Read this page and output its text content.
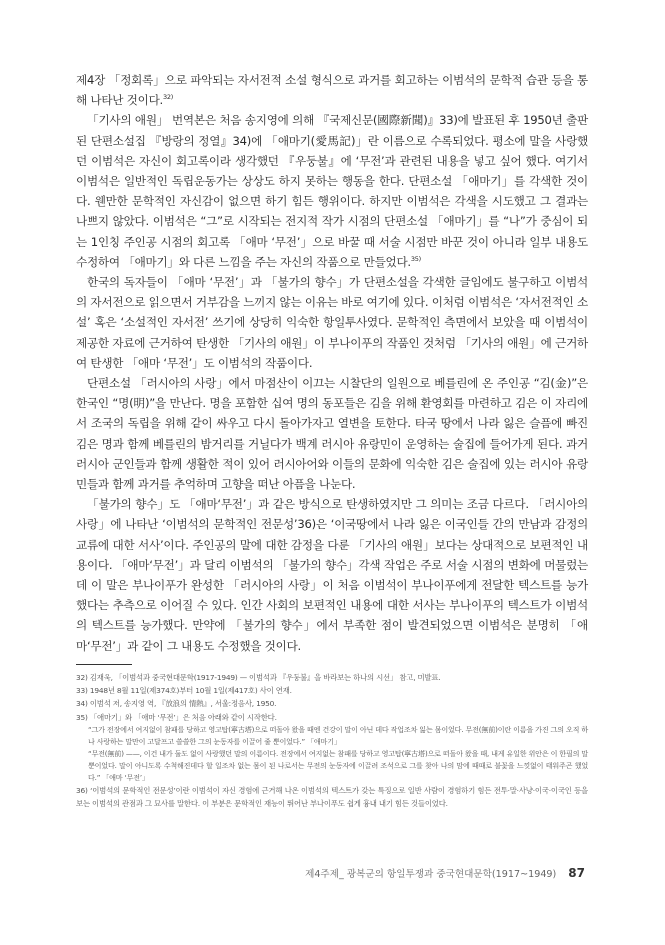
제4장 「정회록」으로 파악되는 자서전적 소설 형식으로 과거를 회고하는 이범석의 문학적 습관 등을 통해 나타난 것이다.$^{32)}$

「기사의 애원」 번역본은 처음 송지영에 의해 『국제신문(國際新聞)』33)에 발표된 후 1950년 출판된 단편소설집 『방랑의 정열』34)에 「애마기(愛馬記)」란 이름으로 수록되었다. 평소에 말을 사랑했던 이범석은 자신이 회고록이라 생각했던 『우둥불』에 ‘무전’과 관련된 내용을 넣고 싶어 했다. 여기서 이범석은 일반적인 독립운동가는 상상도 하지 못하는 행동을 한다. 단편소설 「애마기」를 각색한 것이다. 웬만한 문학적인 자신감이 없으면 하기 힘든 행위이다. 하지만 이범석은 각색을 시도했고 그 결과는 나쁘지 않았다. 이범석은 “그”로 시작되는 전지적 작가 시점의 단편소설 「애마기」를 “나”가 중심이 되는 1인칭 주인공 시점의 회고록 「애마 ‘무전’」으로 바꿀 때 서술 시점만 바꾼 것이 아니라 일부 내용도 수정하여 「애마기」와 다른 느낌을 주는 자신의 작품으로 만들었다.$^{35)}$

한국의 독자들이 「애마 ‘무전’」과 「불가의 향수」가 단편소설을 각색한 글임에도 불구하고 이범석의 자서전으로 읽으면서 거부감을 느끼지 않는 이유는 바로 여기에 있다. 이처럼 이범석은 ‘자서전적인 소설’ 혹은 ‘소설적인 자서전’ 쓰기에 상당히 익숙한 항일투사였다. 문학적인 측면에서 보았을 때 이범석이 제공한 자료에 근거하여 탄생한 「기사의 애원」이 부나이푸의 작품인 것처럼 「기사의 애원」에 근거하여 탄생한 「애마 ‘무전’」도 이범석의 작품이다.

단편소설 「러시아의 사랑」에서 마점산이 이끄는 시찰단의 일원으로 베를린에 온 주인공 “김(金)”은 한국인 “명(明)”을 만난다. 명을 포함한 십여 명의 동포들은 김을 위해 환영회를 마련하고 김은 이 자리에서 조국의 독립을 위해 같이 싸우고 다시 돌아가자고 열변을 토한다. 타국 땅에서 나라 잃은 슬픔에 빠진 김은 명과 함께 베를린의 밤거리를 거닐다가 백계 러시아 유랑민이 운영하는 술집에 들어가게 된다. 과거 러시아 군인들과 함께 생활한 적이 있어 러시아어와 이들의 문화에 익숙한 김은 술집에 있는 러시아 유랑민들과 함께 과거를 추억하며 고향을 떠난 아픔을 나눈다.

「불가의 향수」도 「애마‘무전’」과 같은 방식으로 탄생하였지만 그 의미는 조금 다르다. 「러시아의 사랑」에 나타난 ‘이범석의 문학적인 전문성’36)은 ‘이국땅에서 나라 잃은 이국인들 간의 만남과 감정의 교류에 대한 서사’이다. 주인공의 말에 대한 감정을 다룬 「기사의 애원」보다는 상대적으로 보편적인 내용이다. 「애마‘무전’」과 달리 이범석의 「불가의 향수」각색 작업은 주로 서술 시점의 변화에 머물렀는데 이 말은 부나이푸가 완성한 「러시아의 사랑」이 처음 이범석이 부나이푸에게 전달한 텍스트를 능가했다는 추측으로 이어질 수 있다. 인간 사회의 보편적인 내용에 대한 서사는 부나이푸의 텍스트가 이범석의 텍스트를 능가했다. 만약에 「불가의 향수」에서 부족한 점이 발견되었으면 이범석은 분명히 「애마‘무전’」과 같이 그 내용도 수정했을 것이다.

32) 김재욱, 「이범석과 중국현대문학(1917-1949) — 이범석과 『우둥불』을 바라보는 하나의 시선」 참고, 미발표.

33) 1948년 8월 11일(제374호)부터 10월 1일(제417호) 사이 연재.

34) 이범석 저, 송지영 역, 『放浪의 情熱』, 서울:정음사, 1950.

35) 「애마기」와 「애마 ‘무전’」은 처음 아래와 같이 시작한다.

“그가 전장에서 여지없이 참패를 당하고 영고탑(寧古塔)으로 떠돌아 왔을 때엔 건강이 말이 아닌 데다 작업조차 잃는 몸이었다. 무전(無前)이란 이름을 가진 그의 오직 하나 사랑하는 말만이 고달프고 쓸쓸한 그의 눈동자를 이끌어 줄 뿐이었다.” 「애마기」

“무전(無前) ——, 이건 내가 둘도 없이 사랑했던 말의 이름이다. 전장에서 여지없는 참패를 당하고 영고탑(寧古塔)으로 떠돌아 왔을 때, 내게 유일한 위안은 이 한필의 말 뿐이었다. 말이 아니도록 수척해진데다 할 일조차 없는 몸이 된 나로서는 무전의 눈동자에 이끌려 조석으로 그를 찾아 나의 맘에 때때로 불꽃을 느낏없이 태워주곤 했었다.” 「애마 ‘무전’」

36) ‘이범석의 문학적인 전문성’이란 이범석이 자신 경험에 근거해 나온 이범석의 텍스트가 갖는 특징으로 일반 사람이 경험하기 힘든 전투·말·사냥·이국·이국인 등을 보는 이범석의 관점과 그 묘사를 말한다. 이 부분은 문학적인 재능이 뛰어난 부나이푸도 쉽게 흉내 내기 힘든 것들이었다.

제4주제_ 광복군의 항일투쟁과 중국현대문학(1917~1949) 87
